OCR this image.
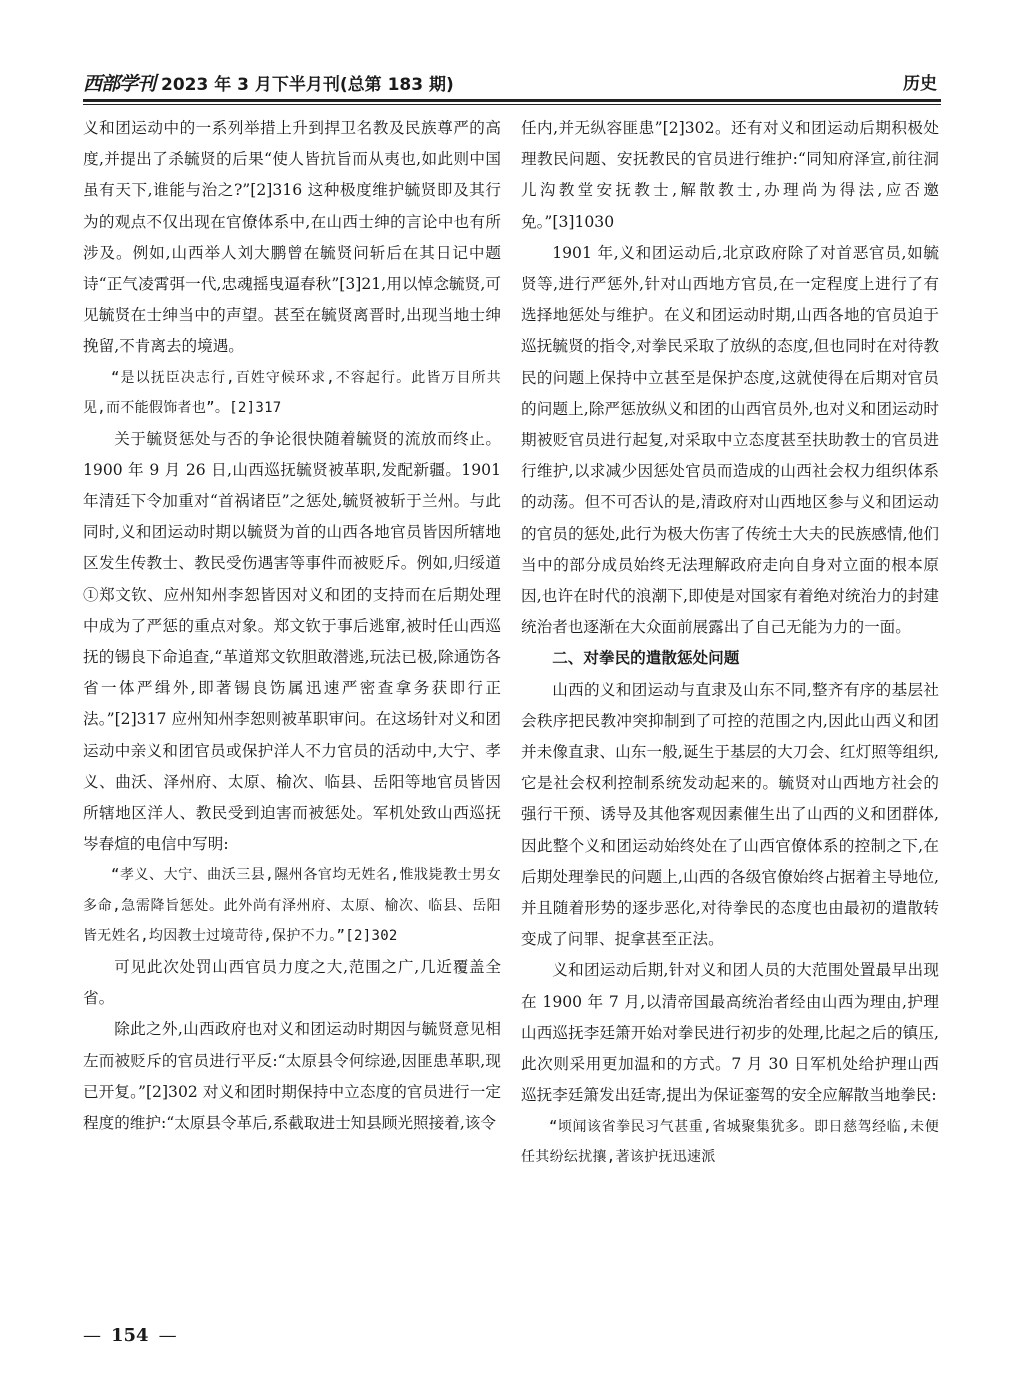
西部学刊 2023 年 3 月下半月刊(总第 183 期)	历史

义和团运动中的一系列举措上升到捍卫名教及民族尊严的高度,并提出了杀毓贤的后果“使人皆抗旨而从夷也,如此则中国虽有天下,谁能与治之?”[2]316 这种极度维护毓贤即及其行为的观点不仅出现在官僚体系中,在山西士绅的言论中也有所涉及。例如,山西举人刘大鹏曾在毓贤问斩后在其日记中题诗“正气凌霄弭一代,忠魂摇曳逼春秋”[3]21,用以悼念毓贤,可见毓贤在士绅当中的声望。甚至在毓贤离晋时,出现当地士绅挽留,不肯离去的境遇。

“是以抚臣决志行,百姓守候环求,不容起行。此皆万目所共见,而不能假饰者也”。[2]317

关于毓贤惩处与否的争论很快随着毓贤的流放而终止。1900 年 9 月 26 日,山西巡抚毓贤被革职,发配新疆。1901 年清廷下令加重对“首祸诸臣”之惩处,毓贤被斩于兰州。与此同时,义和团运动时期以毓贤为首的山西各地官员皆因所辖地区发生传教士、教民受伤遇害等事件而被贬斥。例如,归绥道①郑文钦、应州知州李恕皆因对义和团的支持而在后期处理中成为了严惩的重点对象。郑文钦于事后逃窜,被时任山西巡抚的锡良下命追查,“革道郑文钦胆敢潜逃,玩法已极,除通饬各省一体严缉外,即著锡良饬属迅速严密查拿务获即行正法。”[2]317 应州知州李恕则被革职审问。在这场针对义和团运动中亲义和团官员或保护洋人不力官员的活动中,大宁、孝义、曲沃、泽州府、太原、榆次、临县、岳阳等地官员皆因所辖地区洋人、教民受到迫害而被惩处。军机处致山西巡抚岑春煊的电信中写明:

“孝义、大宁、曲沃三县,隰州各官均无姓名,惟戕毙教士男女多命,急需降旨惩处。此外尚有泽州府、太原、榆次、临县、岳阳皆无姓名,均因教士过境苛待,保护不力。”[2]302

可见此次处罚山西官员力度之大,范围之广,几近覆盖全省。

除此之外,山西政府也对义和团运动时期因与毓贤意见相左而被贬斥的官员进行平反:“太原县令何综逊,因匪患革职,现已开复。”[2]302 对义和团时期保持中立态度的官员进行一定程度的维护:“太原县令革后,系截取进士知县顾光照接着,该令

任内,并无纵容匪患”[2]302。还有对义和团运动后期积极处理教民问题、安抚教民的官员进行维护:“同知府泽宣,前往洞儿沟教堂安抚教士,解散教士,办理尚为得法,应否邀免。”[3]1030

1901 年,义和团运动后,北京政府除了对首恶官员,如毓贤等,进行严惩外,针对山西地方官员,在一定程度上进行了有选择地惩处与维护。在义和团运动时期,山西各地的官员迫于巡抚毓贤的指令,对拳民采取了放纵的态度,但也同时在对待教民的问题上保持中立甚至是保护态度,这就使得在后期对官员的问题上,除严惩放纵义和团的山西官员外,也对义和团运动时期被贬官员进行起复,对采取中立态度甚至扶助教士的官员进行维护,以求减少因惩处官员而造成的山西社会权力组织体系的动荡。但不可否认的是,清政府对山西地区参与义和团运动的官员的惩处,此行为极大伤害了传统士大夫的民族感情,他们当中的部分成员始终无法理解政府走向自身对立面的根本原因,也许在时代的浪潮下,即使是对国家有着绝对统治力的封建统治者也逐渐在大众面前展露出了自己无能为力的一面。

二、对拳民的遣散惩处问题

山西的义和团运动与直隶及山东不同,整齐有序的基层社会秩序把民教冲突抑制到了可控的范围之内,因此山西义和团并未像直隶、山东一般,诞生于基层的大刀会、红灯照等组织,它是社会权利控制系统发动起来的。毓贤对山西地方社会的强行干预、诱导及其他客观因素催生出了山西的义和团群体,因此整个义和团运动始终处在了山西官僚体系的控制之下,在后期处理拳民的问题上,山西的各级官僚始终占据着主导地位,并且随着形势的逐步恶化,对待拳民的态度也由最初的遣散转变成了问罪、捉拿甚至正法。

义和团运动后期,针对义和团人员的大范围处置最早出现在 1900 年 7 月,以清帝国最高统治者经由山西为理由,护理山西巡抚李廷箫开始对拳民进行初步的处理,比起之后的镇压,此次则采用更加温和的方式。7 月 30 日军机处给护理山西巡抚李廷箫发出廷寄,提出为保证銮驾的安全应解散当地拳民:

“顷闻该省拳民习气甚重,省城聚集犹多。即日慈驾经临,未便任其纷纭扰攘,著该护抚迅速派

— 154 —
